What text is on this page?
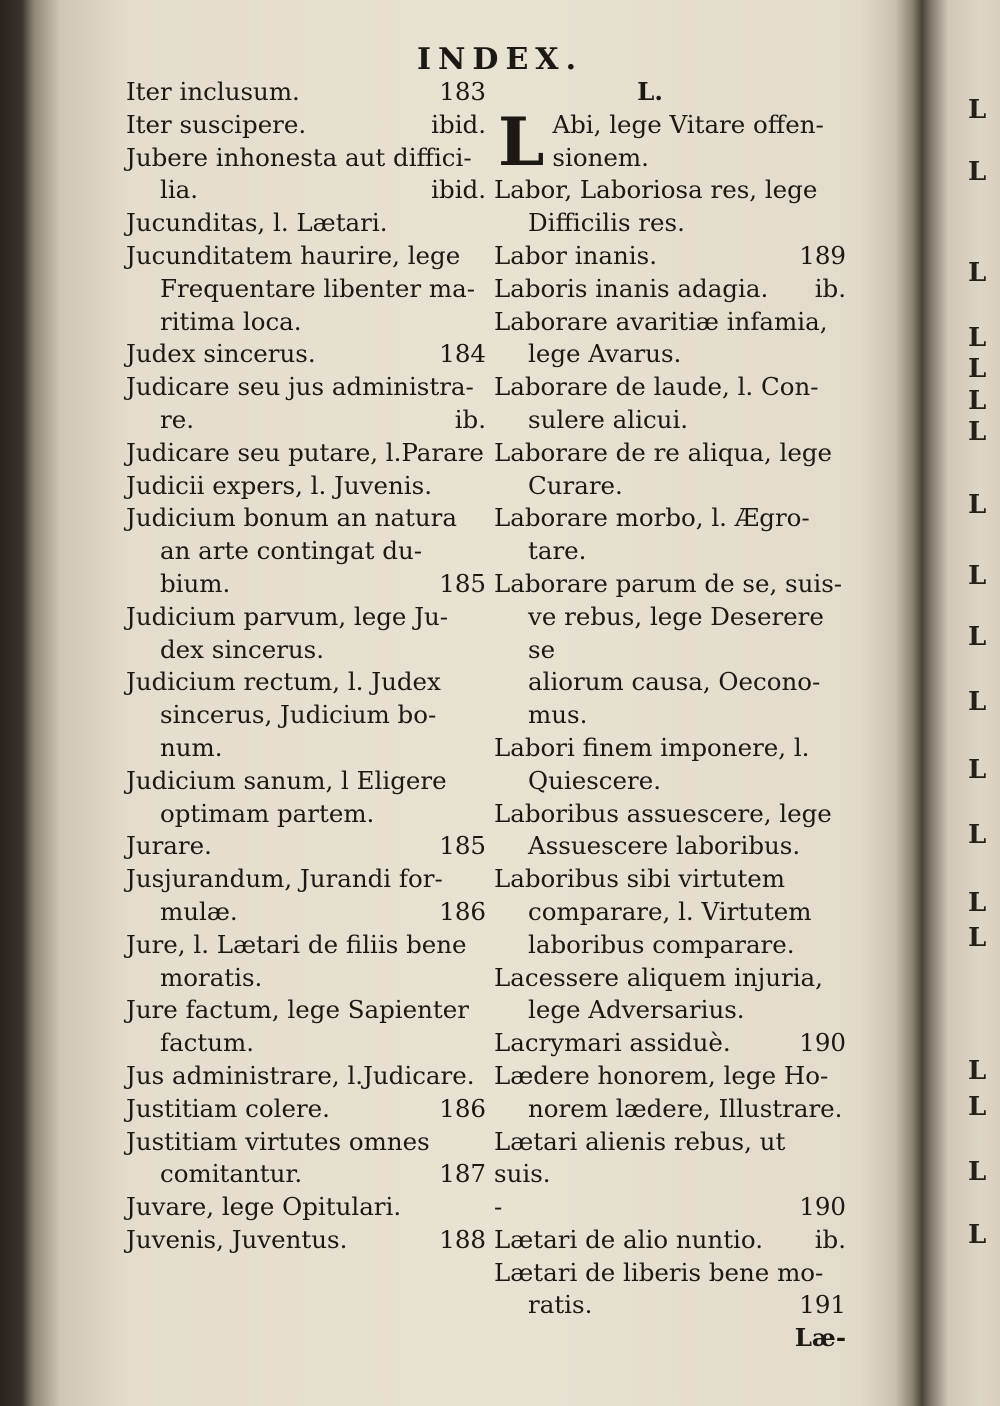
INDEX.
Iter inclusum.	183
Iter suscipere.	ibid.
Jubere inhonesta aut diffici-
lia.	ibid.
Jucunditas, l. Lætari.
Jucunditatem haurire, lege
Frequentare libenter ma-
ritima loca.
Judex sincerus.	184
Judicare seu jus administra-
re.	ib.
Judicare seu putare, l.Parare
Judicii expers, l. Juvenis.
Judicium bonum an natura
an arte contingat du-
bium.	185
Judicium parvum, lege Ju-
dex sincerus.
Judicium rectum, l. Judex
sincerus, Judicium bo-
num.
Judicium sanum, l Eligere
optimam partem.
Jurare.	185
Jusjurandum, Jurandi for-
mulæ.	186
Jure, l. Lætari de filiis bene
moratis.
Jure factum, lege Sapienter
factum.
Jus administrare, l.Judicare.
Justitiam colere.	186
Justitiam virtutes omnes
comitantur.	187
Juvare, lege Opitulari.
Juvenis, Juventus.	188
L.
L Abi, lege Vitare offen-
sionem.
Labor, Laboriosa res, lege
Difficilis res.
Labor inanis.	189
Laboris inanis adagia.	ib.
Laborare avaritiæ infamia,
lege Avarus.
Laborare de laude, l. Con-
sulere alicui.
Laborare de re aliqua, lege
Curare.
Laborare morbo, l. Ægro-
tare.
Laborare parum de se, suis-
ve rebus, lege Deserere se
aliorum causa, Oecono-
mus.
Labori finem imponere, l.
Quiescere.
Laboribus assuescere, lege
Assuescere laboribus.
Laboribus sibi virtutem
comparare, l. Virtutem
laboribus comparare.
Lacessere aliquem injuria,
lege Adversarius.
Lacrymari assiduè.	190
Lædere honorem, lege Ho-
norem lædere, Illustrare.
Lætari alienis rebus, ut suis.
-	190
Lætari de alio nuntio.	ib.
Lætari de liberis bene mo-
ratis.	191
Læ-
L
L
L
L
L
L
L
L
L
L
L
L
L
L
L
L
L
L
L
